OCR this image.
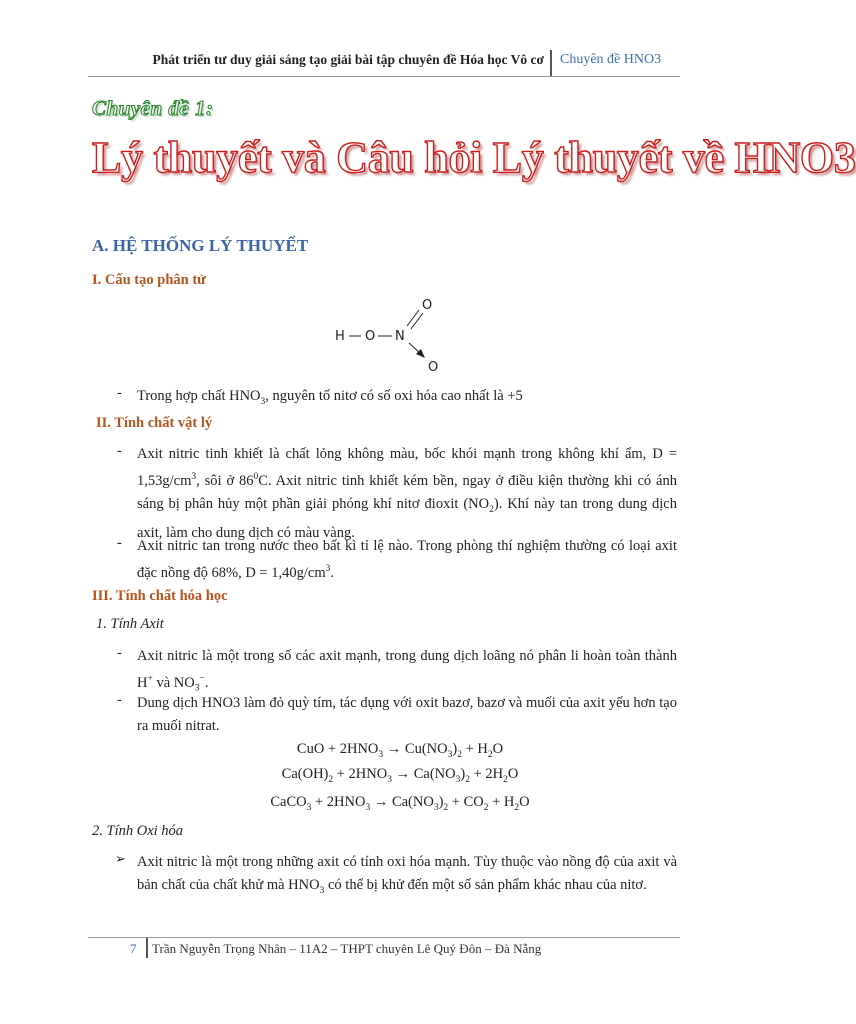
Phát triển tư duy giải sáng tạo giải bài tập chuyên đề Hóa học Vô cơ Chuyên đề HNO3
Chuyên đề 1:
Lý thuyết và Câu hỏi Lý thuyết về HNO3
A. HỆ THỐNG LÝ THUYẾT
I. Cấu tạo phân tử
H O N
O
O
- Trong hợp chất $HNO_3$, nguyên tố nitơ có số oxi hóa cao nhất là +5
II. Tính chất vật lý
- Axit nitric tinh khiết là chất lỏng không màu, bốc khói mạnh trong không khí ẩm, $D = 1,53g/cm^3$, sôi ở $86^0C$. Axit nitric tinh khiết kém bền, ngay ở điều kiện thường khi có ánh sáng bị phân hủy một phần giải phóng khí nitơ đioxit $(NO_2)$. Khí này tan trong dung dịch axit, làm cho dung dịch có màu vàng.
- Axit nitric tan trong nước theo bất kì tỉ lệ nào. Trong phòng thí nghiệm thường có loại axit đặc nồng độ 68%, $D = 1,40g/cm^3$.
III. Tính chất hóa học
1. Tính Axit
- Axit nitric là một trong số các axit mạnh, trong dung dịch loãng nó phân li hoàn toàn thành H+ và $NO_3^-$.
- Dung dịch HNO3 làm đỏ quỳ tím, tác dụng với oxit bazơ, bazơ và muối của axit yếu hơn tạo ra muối nitrat.
CuO + $2HNO_3 \to Cu(NO_3)_2 + H_2O$
$Ca(OH)_2 + 2HNO_3 \to Ca(NO_3)_2 + 2H_2O$
CaCO$_3$ + $2HNO_3 \to Ca(NO_3)_2 + CO_2 + H_2O$
2. Tính Oxi hóa
➢ Axit nitric là một trong những axit có tính oxi hóa mạnh. Tùy thuộc vào nồng độ của axit và bản chất của chất khử mà $HNO_3$ có thể bị khử đến một số sản phẩm khác nhau của nitơ.
7 Trần Nguyễn Trọng Nhân – 11A2 – THPT chuyên Lê Quý Đôn – Đà Nẵng
